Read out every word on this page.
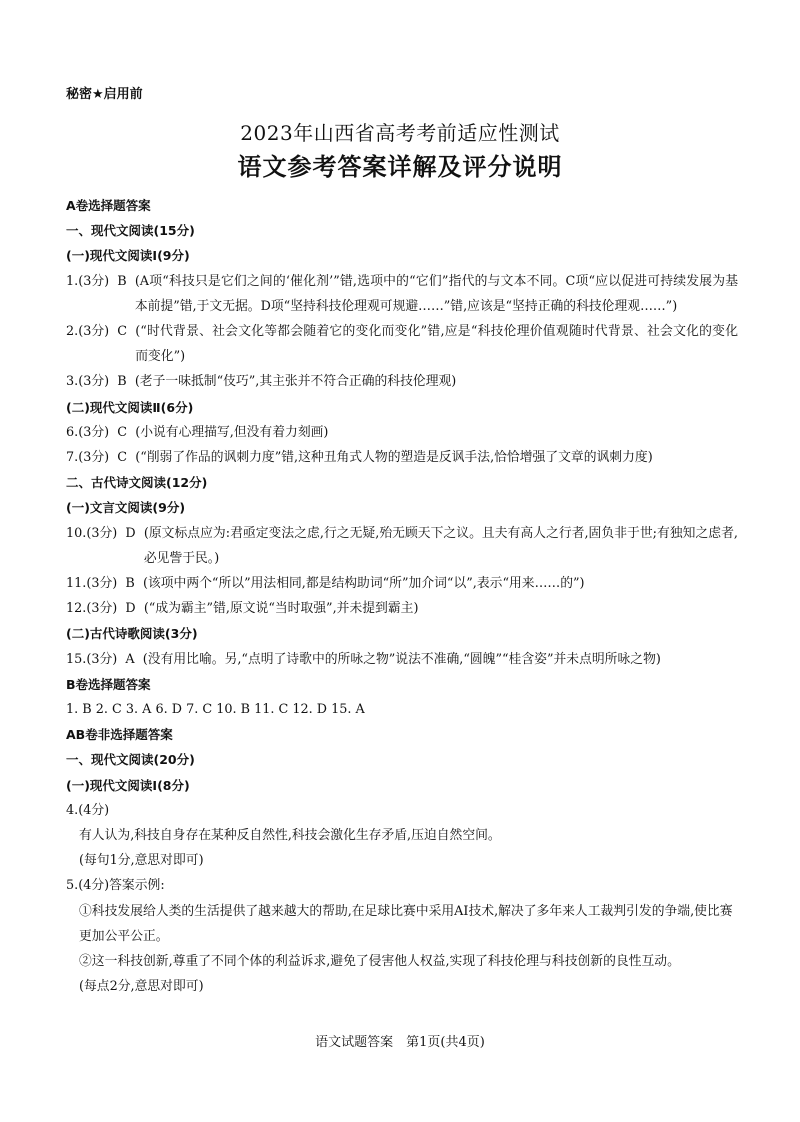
秘密★启用前
2023年山西省高考考前适应性测试
语文参考答案详解及评分说明
A卷选择题答案
一、现代文阅读(15分)
(一)现代文阅读Ⅰ(9分)
1.(3分)  B (A项“科技只是它们之间的‘催化剂’”错,选项中的“它们”指代的与文本不同。C项“应以促进可持续发展为基本前提”错,于文无据。D项“坚持科技伦理观可规避……”错,应该是“坚持正确的科技伦理观……”)
2.(3分)  C (“时代背景、社会文化等都会随着它的变化而变化”错,应是“科技伦理价值观随时代背景、社会文化的变化而变化”)
3.(3分)  B (老子一味抵制“伎巧”,其主张并不符合正确的科技伦理观)
(二)现代文阅读Ⅱ(6分)
6.(3分)  C (小说有心理描写,但没有着力刻画)
7.(3分)  C (“削弱了作品的讽刺力度”错,这种丑角式人物的塑造是反讽手法,恰恰增强了文章的讽刺力度)
二、古代诗文阅读(12分)
(一)文言文阅读(9分)
10.(3分)  D (原文标点应为:君亟定变法之虑,行之无疑,殆无顾天下之议。且夫有高人之行者,固负非于世;有独知之虑者,必见訾于民。)
11.(3分)  B (该项中两个“所以”用法相同,都是结构助词“所”加介词“以”,表示“用来……的”)
12.(3分)  D (“成为霸主”错,原文说“当时取强”,并未提到霸主)
(二)古代诗歌阅读(3分)
15.(3分)  A (没有用比喻。另,“点明了诗歌中的所咏之物”说法不准确,“圆魄”“桂含姿”并未点明所咏之物)
B卷选择题答案
1. B 2. C 3. A 6. D 7. C 10. B 11. C 12. D 15. A
AB卷非选择题答案
一、现代文阅读(20分)
(一)现代文阅读Ⅰ(8分)
4.(4分)
有人认为,科技自身存在某种反自然性,科技会激化生存矛盾,压迫自然空间。
(每句1分,意思对即可)
5.(4分)答案示例:
①科技发展给人类的生活提供了越来越大的帮助,在足球比赛中采用AI技术,解决了多年来人工裁判引发的争端,使比赛更加公平公正。
②这一科技创新,尊重了不同个体的利益诉求,避免了侵害他人权益,实现了科技伦理与科技创新的良性互动。
(每点2分,意思对即可)
语文试题答案　第1页(共4页)
